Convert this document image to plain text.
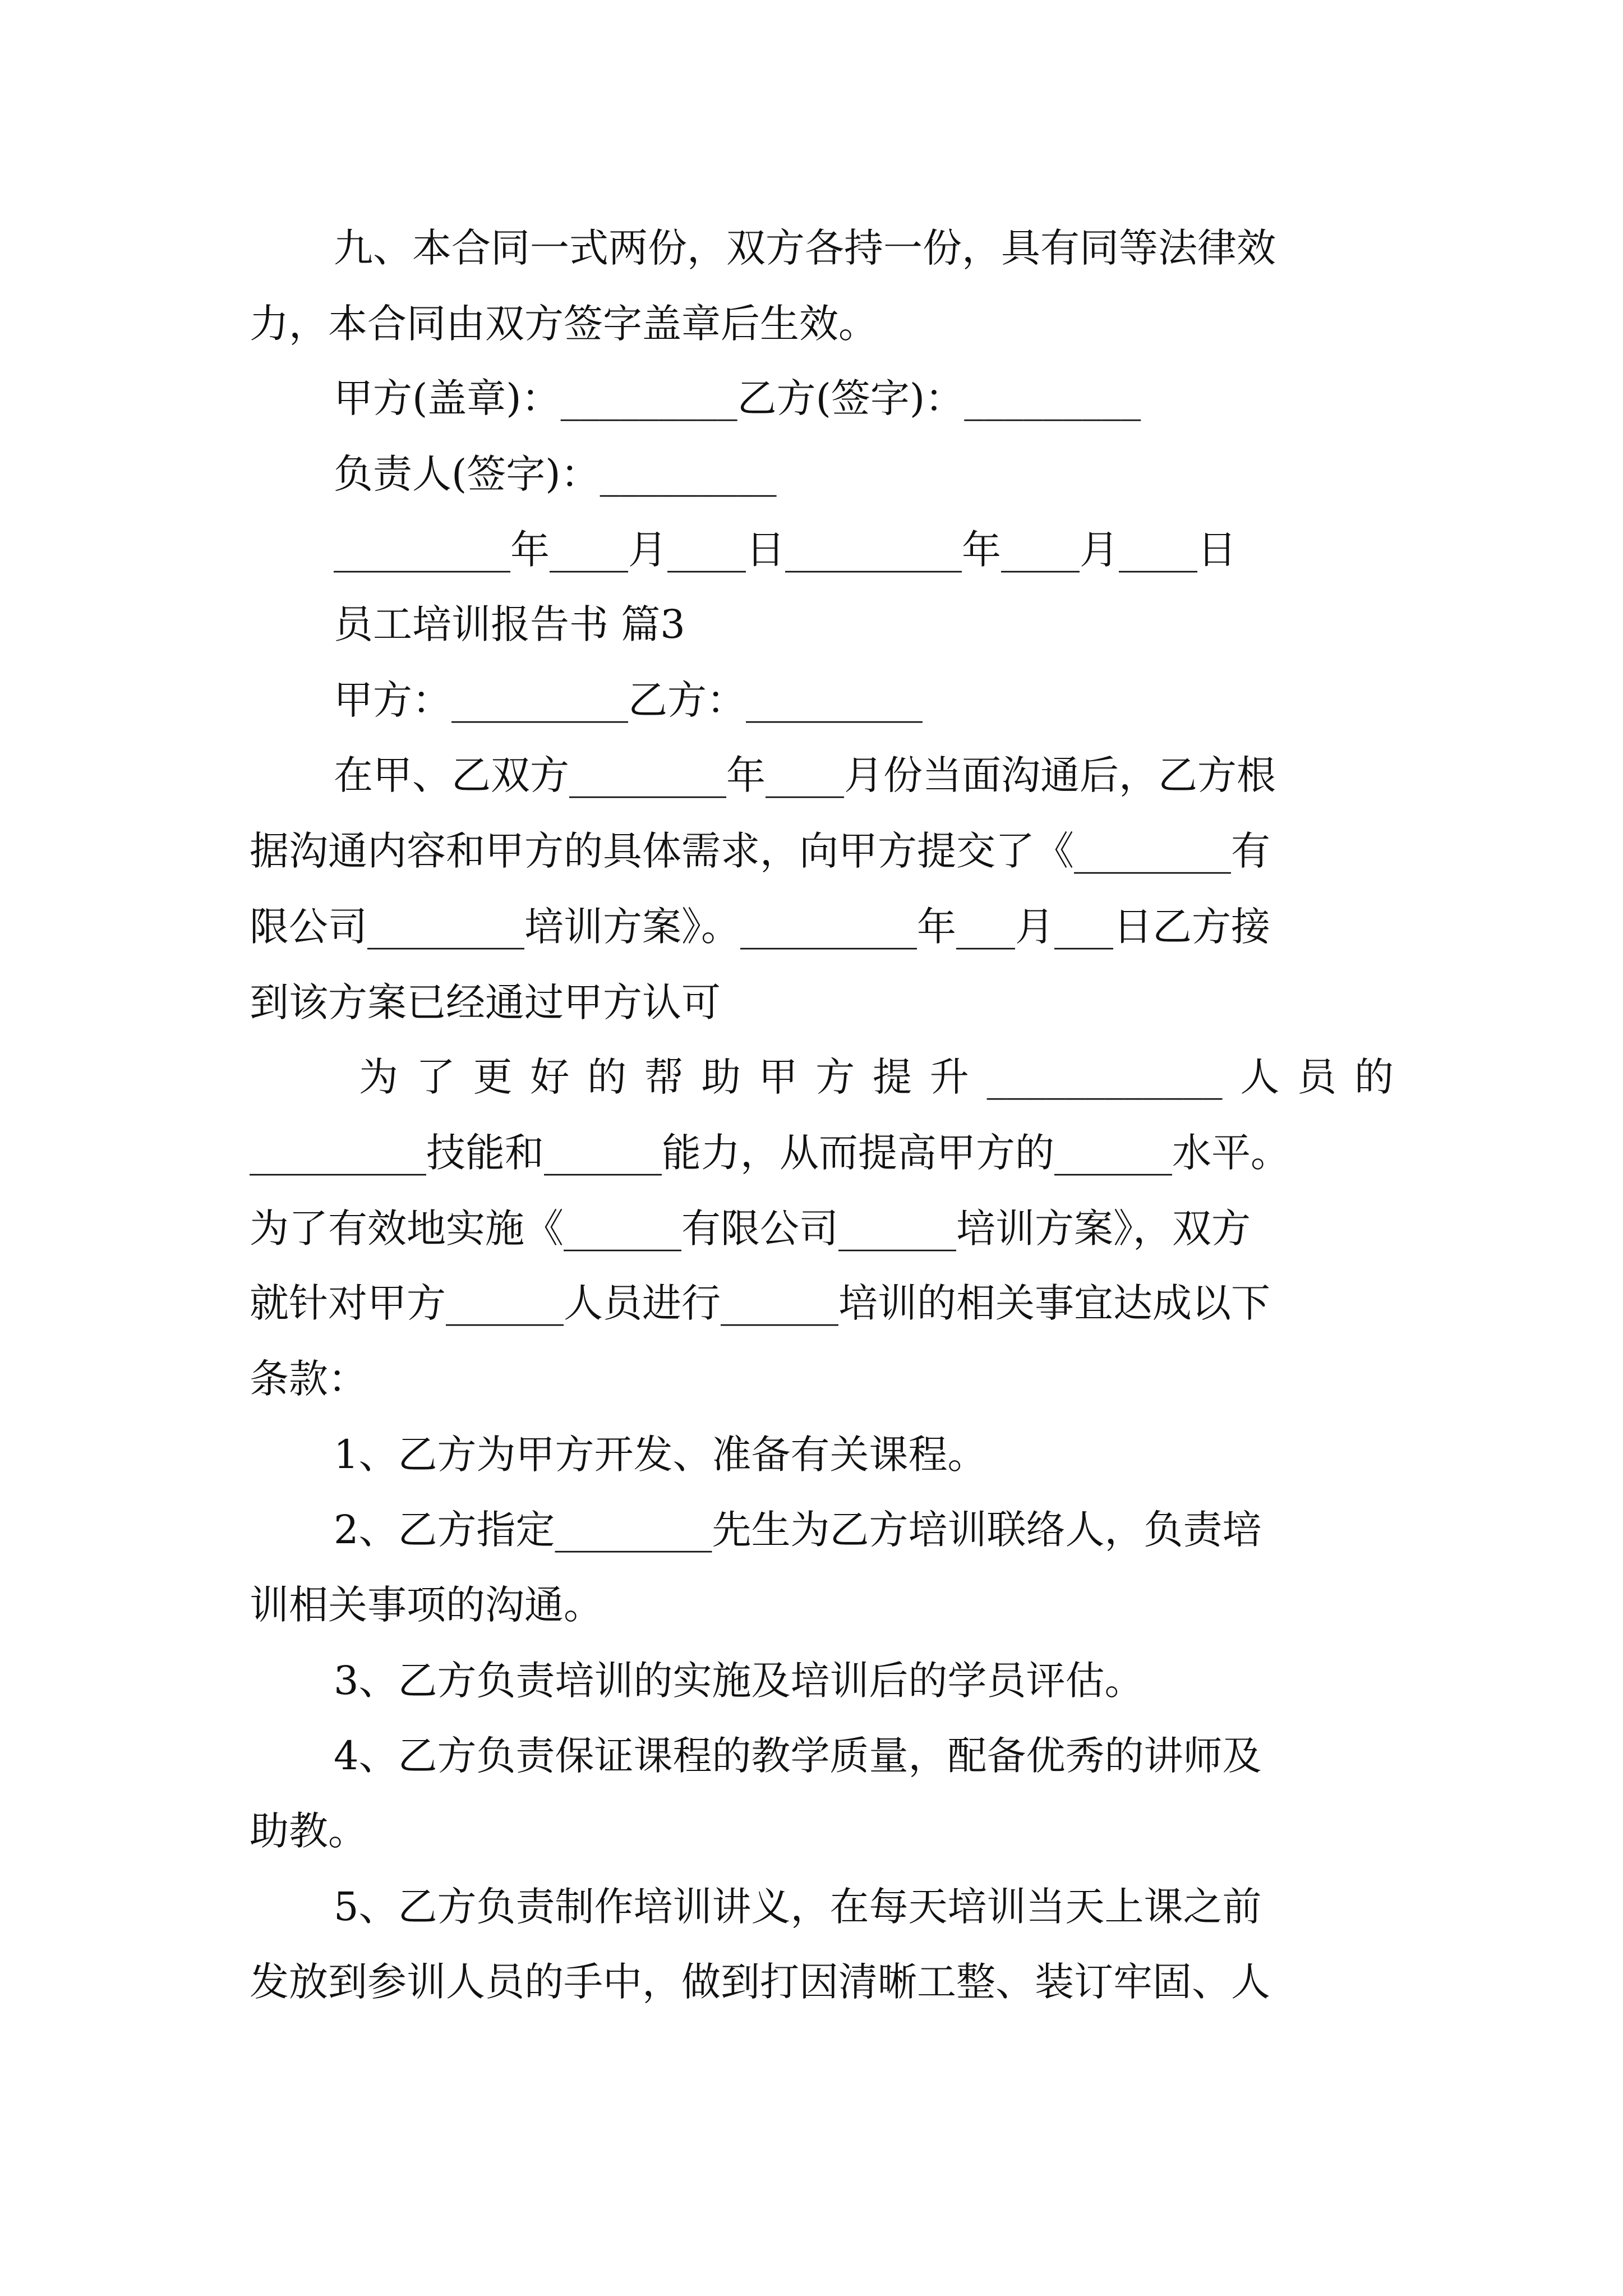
九、本合同一式两份，双方各持一份，具有同等法律效
力，本合同由双方签字盖章后生效。
甲方(盖章)：_________乙方(签字)：_________
负责人(签字)：_________
_________年____月____日_________年____月____日
员工培训报告书 篇3
甲方：_________乙方：_________
在甲、乙双方________年____月份当面沟通后，乙方根
据沟通内容和甲方的具体需求，向甲方提交了《________有
限公司________培训方案》。_________年___月___日乙方接
到该方案已经通过甲方认可
为 了 更 好 的 帮 助 甲 方 提 升 ____________ 人 员 的
_________技能和______能力，从而提高甲方的______水平。
为了有效地实施《______有限公司______培训方案》，双方
就针对甲方______人员进行______培训的相关事宜达成以下
条款：
1、乙方为甲方开发、准备有关课程。
2、乙方指定________先生为乙方培训联络人，负责培
训相关事项的沟通。
3、乙方负责培训的实施及培训后的学员评估。
4、乙方负责保证课程的教学质量，配备优秀的讲师及
助教。
5、乙方负责制作培训讲义，在每天培训当天上课之前
发放到参训人员的手中，做到打因清晰工整、装订牢固、人
